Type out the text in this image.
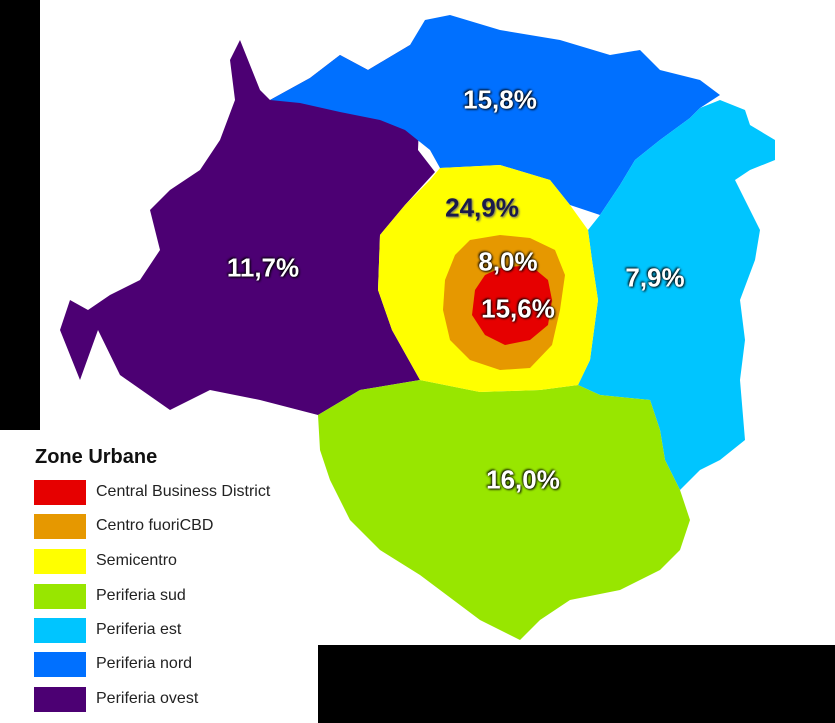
15,8%
24,9%
11,7%	8,0%
15,6%
7,9%
16,0%
Zone Urbane
Central Business District
Centro fuoriCBD
Semicentro
Periferia sud
Periferia est
Periferia nord
Periferia ovest
